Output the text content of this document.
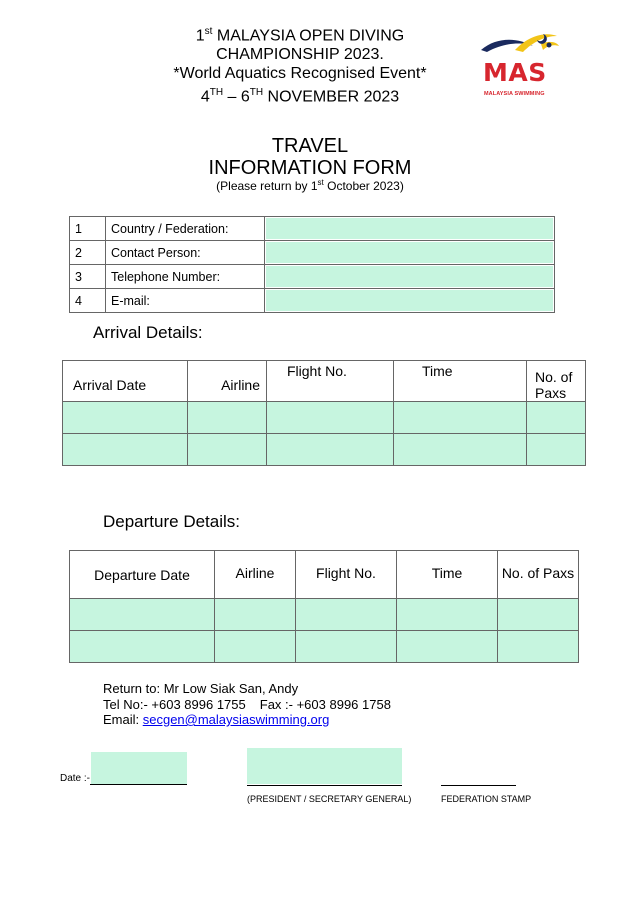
1st MALAYSIA OPEN DIVING
CHAMPIONSHIP 2023.
*World Aquatics Recognised Event*
4TH – 6TH NOVEMBER 2023
MAS
MALAYSIA SWIMMING
TRAVEL
INFORMATION FORM
(Please return by 1st October 2023)
1	Country / Federation:	

2	Contact Person:	

3	Telephone Number:	

4	E-mail:	
Arrival Details:
Arrival Date	Airline	Flight No.	Time	No. of Paxs

Departure Details:
Departure Date	Airline	Flight No.	Time	No. of Paxs

Return to: Mr Low Siak San, Andy
Tel No:- +603 8996 1755 Fax :- +603 8996 1758
Email: secgen@malaysiaswimming.org
Date :-
(PRESIDENT / SECRETARY GENERAL)	FEDERATION STAMP
